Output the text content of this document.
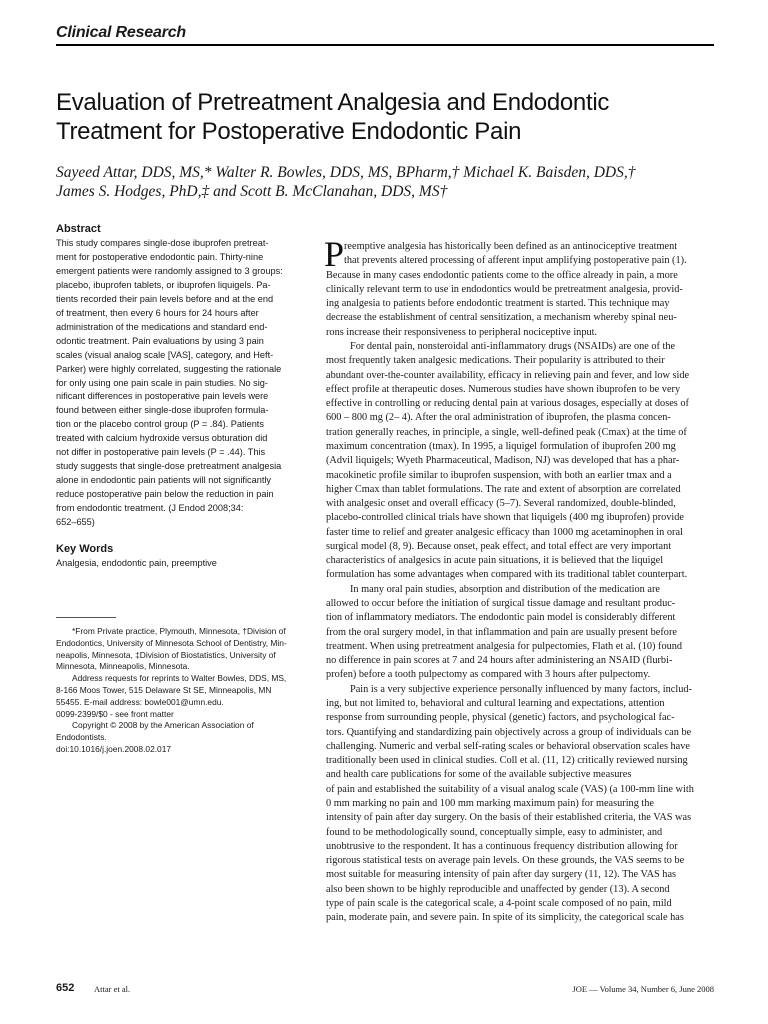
Clinical Research
Evaluation of Pretreatment Analgesia and Endodontic
Treatment for Postoperative Endodontic Pain
Sayeed Attar, DDS, MS,* Walter R. Bowles, DDS, MS, BPharm,† Michael K. Baisden, DDS,†
James S. Hodges, PhD,‡ and Scott B. McClanahan, DDS, MS†
Abstract
This study compares single-dose ibuprofen pretreat-
ment for postoperative endodontic pain. Thirty-nine
emergent patients were randomly assigned to 3 groups:
placebo, ibuprofen tablets, or ibuprofen liquigels. Pa-
tients recorded their pain levels before and at the end
of treatment, then every 6 hours for 24 hours after
administration of the medications and standard end-
odontic treatment. Pain evaluations by using 3 pain
scales (visual analog scale [VAS], category, and Heft-
Parker) were highly correlated, suggesting the rationale
for only using one pain scale in pain studies. No sig-
nificant differences in postoperative pain levels were
found between either single-dose ibuprofen formula-
tion or the placebo control group (P = .84). Patients
treated with calcium hydroxide versus obturation did
not differ in postoperative pain levels (P = .44). This
study suggests that single-dose pretreatment analgesia
alone in endodontic pain patients will not significantly
reduce postoperative pain below the reduction in pain
from endodontic treatment. (J Endod 2008;34:
652–655)
Key Words
Analgesia, endodontic pain, preemptive
*From Private practice, Plymouth, Minnesota, †Division of
Endodontics, University of Minnesota School of Dentistry, Min-
neapolis, Minnesota, ‡Division of Biostatistics, University of
Minnesota, Minneapolis, Minnesota.
Address requests for reprints to Walter Bowles, DDS, MS,
8-166 Moos Tower, 515 Delaware St SE, Minneapolis, MN
55455. E-mail address: bowle001@umn.edu.
0099-2399/$0 - see front matter
Copyright © 2008 by the American Association of
Endodontists.
doi:10.1016/j.joen.2008.02.017
P reemptive analgesia has historically been defined as an antinociceptive treatment
that prevents altered processing of afferent input amplifying postoperative pain (1).
Because in many cases endodontic patients come to the office already in pain, a more
clinically relevant term to use in endodontics would be pretreatment analgesia, provid-
ing analgesia to patients before endodontic treatment is started. This technique may
decrease the establishment of central sensitization, a mechanism whereby spinal neu-
rons increase their responsiveness to peripheral nociceptive input.
For dental pain, nonsteroidal anti-inflammatory drugs (NSAIDs) are one of the
most frequently taken analgesic medications. Their popularity is attributed to their
abundant over-the-counter availability, efficacy in relieving pain and fever, and low side
effect profile at therapeutic doses. Numerous studies have shown ibuprofen to be very
effective in controlling or reducing dental pain at various dosages, especially at doses of
600 – 800 mg (2– 4). After the oral administration of ibuprofen, the plasma concen-
tration generally reaches, in principle, a single, well-defined peak (Cmax) at the time of
maximum concentration (tmax). In 1995, a liquigel formulation of ibuprofen 200 mg
(Advil liquigels; Wyeth Pharmaceutical, Madison, NJ) was developed that has a phar-
macokinetic profile similar to ibuprofen suspension, with both an earlier tmax and a
higher Cmax than tablet formulations. The rate and extent of absorption are correlated
with analgesic onset and overall efficacy (5–7). Several randomized, double-blinded,
placebo-controlled clinical trials have shown that liquigels (400 mg ibuprofen) provide
faster time to relief and greater analgesic efficacy than 1000 mg acetaminophen in oral
surgical model (8, 9). Because onset, peak effect, and total effect are very important
characteristics of analgesics in acute pain situations, it is believed that the liquigel
formulation has some advantages when compared with its traditional tablet counterpart.
In many oral pain studies, absorption and distribution of the medication are
allowed to occur before the initiation of surgical tissue damage and resultant produc-
tion of inflammatory mediators. The endodontic pain model is considerably different
from the oral surgery model, in that inflammation and pain are usually present before
treatment. When using pretreatment analgesia for pulpectomies, Flath et al. (10) found
no difference in pain scores at 7 and 24 hours after administering an NSAID (flurbi-
profen) before a tooth pulpectomy as compared with 3 hours after pulpectomy.
Pain is a very subjective experience personally influenced by many factors, includ-
ing, but not limited to, behavioral and cultural learning and expectations, attention
response from surrounding people, physical (genetic) factors, and psychological fac-
tors. Quantifying and standardizing pain objectively across a group of individuals can be
challenging. Numeric and verbal self-rating scales or behavioral observation scales have
traditionally been used in clinical studies. Coll et al. (11, 12) critically reviewed nursing
and health care publications for some of the available subjective measures
of pain and established the suitability of a visual analog scale (VAS) (a 100-mm line with
0 mm marking no pain and 100 mm marking maximum pain) for measuring the
intensity of pain after day surgery. On the basis of their established criteria, the VAS was
found to be methodologically sound, conceptually simple, easy to administer, and
unobtrusive to the respondent. It has a continuous frequency distribution allowing for
rigorous statistical tests on average pain levels. On these grounds, the VAS seems to be
most suitable for measuring intensity of pain after day surgery (11, 12). The VAS has
also been shown to be highly reproducible and unaffected by gender (13). A second
type of pain scale is the categorical scale, a 4-point scale composed of no pain, mild
pain, moderate pain, and severe pain. In spite of its simplicity, the categorical scale has
652 Attar et al.	JOE — Volume 34, Number 6, June 2008
